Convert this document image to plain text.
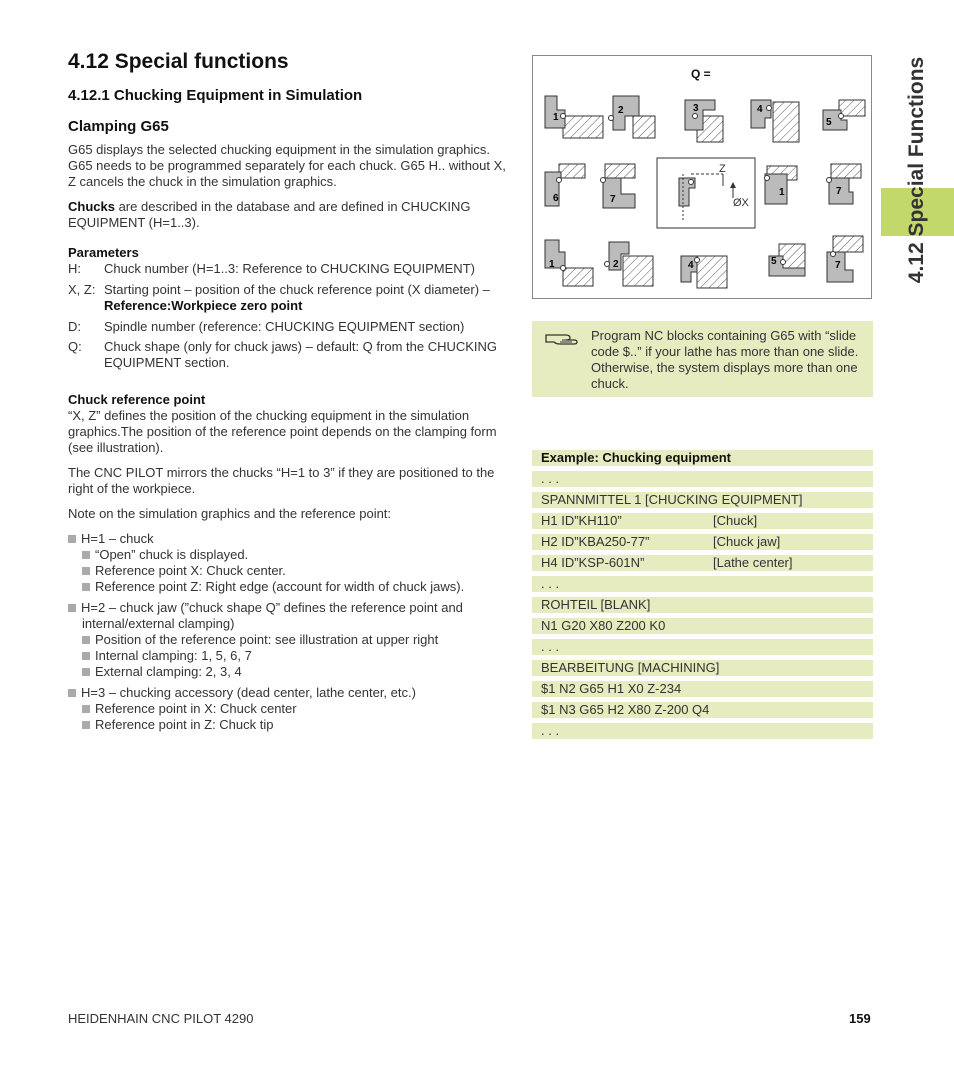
4.12 Special functions
4.12.1 Chucking Equipment in Simulation
Clamping G65
G65 displays the selected chucking equipment in the simulation graphics. G65 needs to be programmed separately for each chuck. G65 H.. without X, Z cancels the chuck in the simulation graphics.
Chucks are described in the database and are defined in CHUCKING EQUIPMENT (H=1..3).
Parameters
H: Chuck number (H=1..3: Reference to CHUCKING EQUIPMENT)
X, Z: Starting point – position of the chuck reference point (X diameter) – Reference:Workpiece zero point
D: Spindle number (reference: CHUCKING EQUIPMENT section)
Q: Chuck shape (only for chuck jaws) – default: Q from the CHUCKING EQUIPMENT section.
Chuck reference point
“X, Z” defines the position of the chucking equipment in the simulation graphics.The position of the reference point depends on the clamping form (see illustration).
The CNC PILOT mirrors the chucks “H=1 to 3” if they are positioned to the right of the workpiece.
Note on the simulation graphics and the reference point:
H=1 – chuck
“Open” chuck is displayed.
Reference point X: Chuck center.
Reference point Z: Right edge (account for width of chuck jaws).
H=2 – chuck jaw (”chuck shape Q” defines the reference point and internal/external clamping)
Position of the reference point: see illustration at upper right
Internal clamping: 1, 5, 6, 7
External clamping: 2, 3, 4
H=3 – chucking accessory (dead center, lathe center, etc.)
Reference point in X: Chuck center
Reference point in Z: Chuck tip
Q =
1
2	3	4
5
6	7
Z
ØX
1	7
1	2	4	5	7
Program NC blocks containing G65 with “slide code $..” if your lathe has more than one slide. Otherwise, the system displays more than one chuck.
Example: Chucking equipment
. . .
SPANNMITTEL 1 [CHUCKING EQUIPMENT]
H1 ID”KH110”	[Chuck]
H2 ID”KBA250-77”	[Chuck jaw]
H4 ID”KSP-601N”	[Lathe center]
. . .
ROHTEIL [BLANK]
N1 G20 X80 Z200 K0
. . .
BEARBEITUNG [MACHINING]
$1 N2 G65 H1 X0 Z-234
$1 N3 G65 H2 X80 Z-200 Q4
. . .
4.12 Special Functions
HEIDENHAIN CNC PILOT 4290	159
